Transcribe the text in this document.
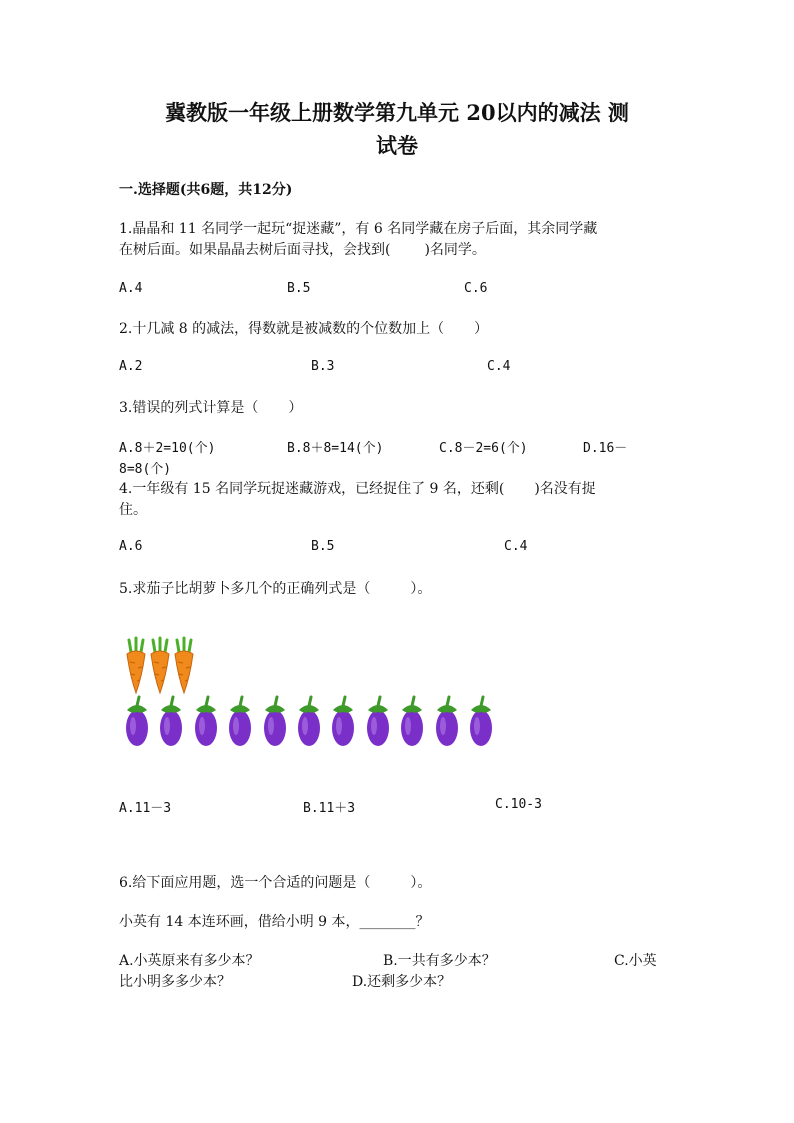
冀教版一年级上册数学第九单元 20以内的减法 测
试卷
一.选择题(共6题，共12分)
1.晶晶和 11 名同学一起玩“捉迷藏”，有 6 名同学藏在房子后面，其余同学藏
在树后面。如果晶晶去树后面寻找，会找到( )名同学。
A.4	B.5	C.6
2.十几减 8 的减法，得数就是被减数的个位数加上（ ）
A.2	B.3	C.4
3.错误的列式计算是（ ）
A.8＋2=10(个)	B.8＋8=14(个)	C.8－2=6(个)	D.16－
8=8(个)
4.一年级有 15 名同学玩捉迷藏游戏，已经捉住了 9 名，还剩( )名没有捉
住。
A.6	B.5	C.4
5.求茄子比胡萝卜多几个的正确列式是（	）。
A.11－3	B.11＋3	C.10-3
6.给下面应用题，选一个合适的问题是（	）。
小英有 14 本连环画，借给小明 9 本，________？
A.小英原来有多少本？	B.一共有多少本？	C.小英
比小明多多少本？	D.还剩多少本？
